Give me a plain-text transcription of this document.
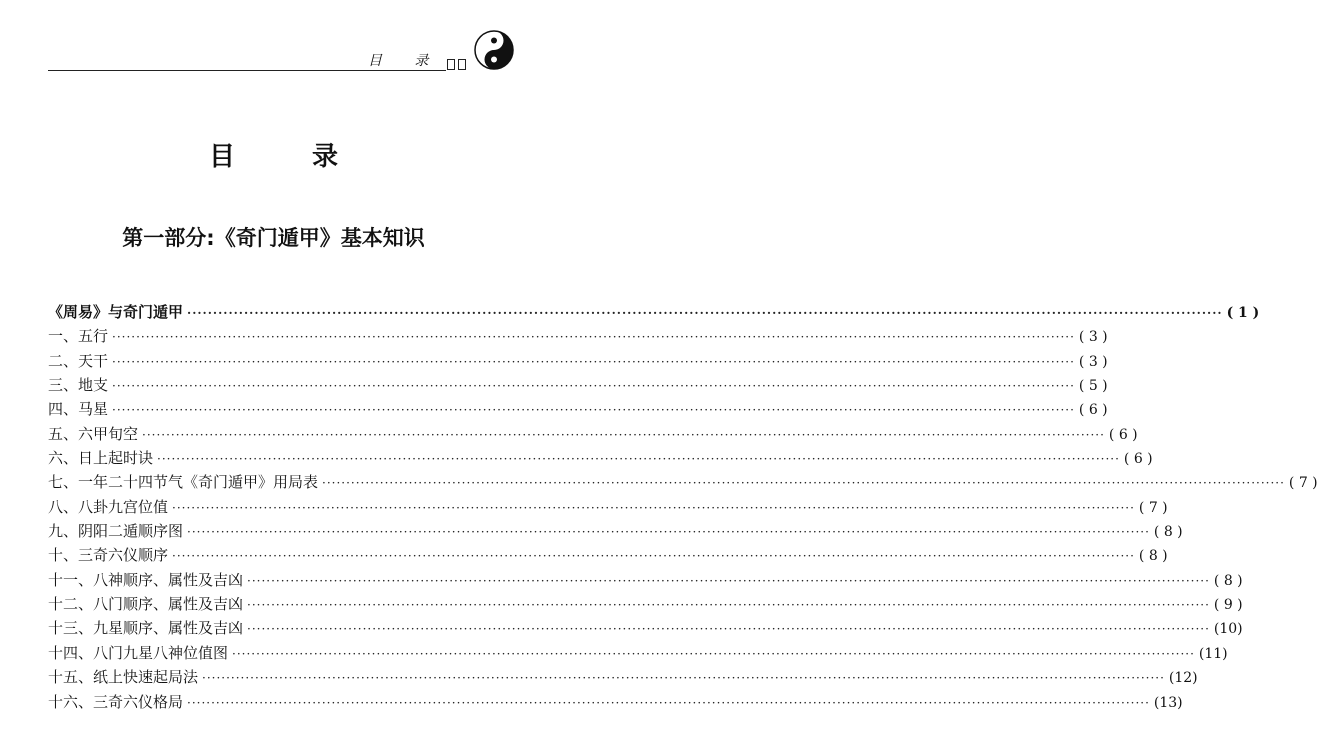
目 录
目 录
第一部分:《奇门遁甲》基本知识
《周易》与奇门遁甲 ········································································································································································································ ( 1 )
一、五行 ········································································································································································································ ( 3 )
二、天干 ········································································································································································································ ( 3 )
三、地支 ········································································································································································································ ( 5 )
四、马星 ········································································································································································································ ( 6 )
五、六甲旬空 ········································································································································································································ ( 6 )
六、日上起时诀 ········································································································································································································ ( 6 )
七、一年二十四节气《奇门遁甲》用局表 ········································································································································································································ ( 7 )
八、八卦九宫位值 ········································································································································································································ ( 7 )
九、阴阳二遁顺序图 ········································································································································································································ ( 8 )
十、三奇六仪顺序 ········································································································································································································ ( 8 )
十一、八神顺序、属性及吉凶 ········································································································································································································ ( 8 )
十二、八门顺序、属性及吉凶 ········································································································································································································ ( 9 )
十三、九星顺序、属性及吉凶 ········································································································································································································ (10)
十四、八门九星八神位值图 ········································································································································································································ (11)
十五、纸上快速起局法 ········································································································································································································ (12)
十六、三奇六仪格局 ········································································································································································································ (13)
